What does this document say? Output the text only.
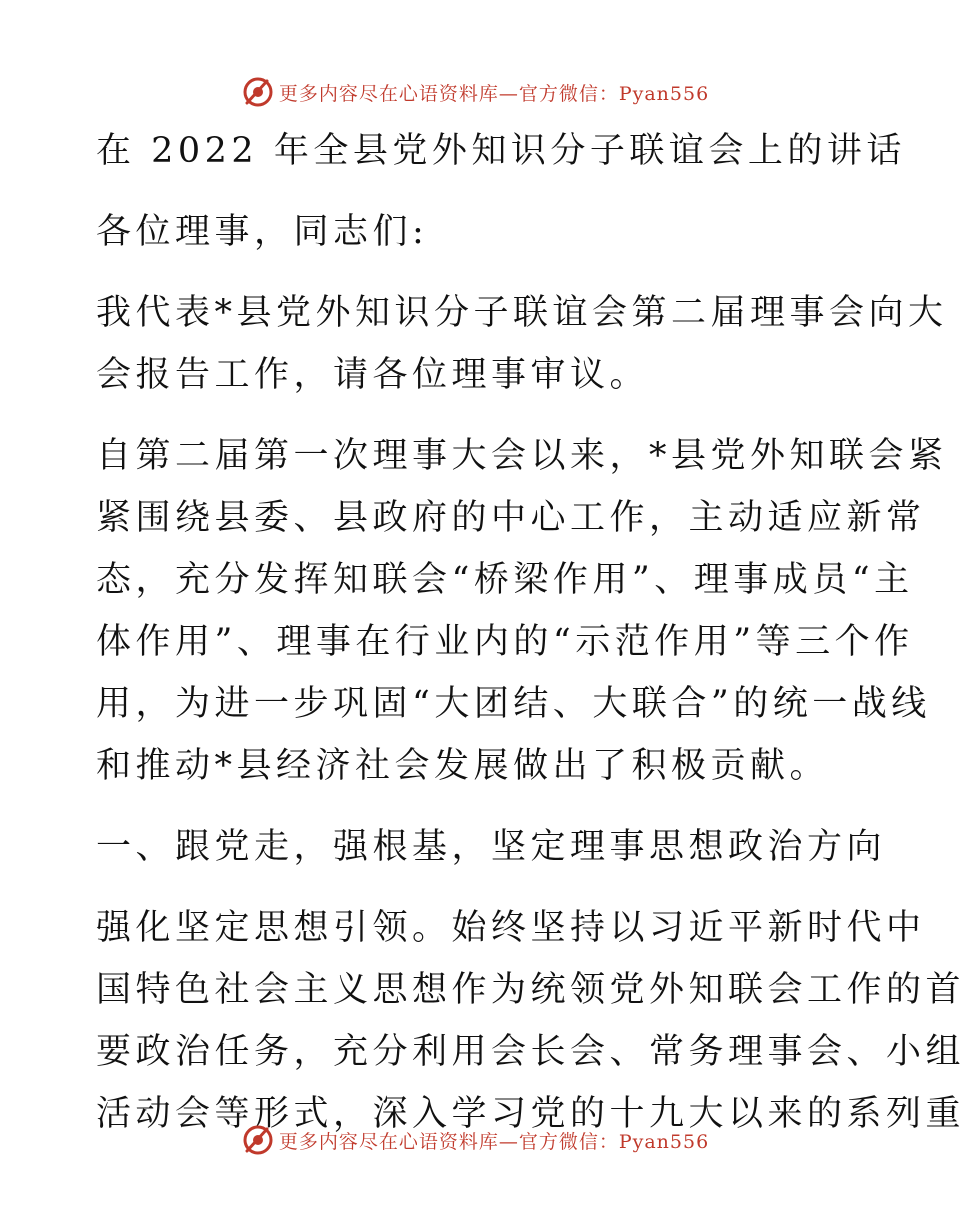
更多内容尽在心语资料库—官方微信：Pyan556
在 2022 年全县党外知识分子联谊会上的讲话
各位理事，同志们:
我代表*县党外知识分子联谊会第二届理事会向大
会报告工作，请各位理事审议。
自第二届第一次理事大会以来，*县党外知联会紧
紧围绕县委、县政府的中心工作，主动适应新常
态，充分发挥知联会“桥梁作用”、理事成员“主
体作用”、理事在行业内的“示范作用”等三个作
用，为进一步巩固“大团结、大联合”的统一战线
和推动*县经济社会发展做出了积极贡献。
一、跟党走，强根基，坚定理事思想政治方向
强化坚定思想引领。始终坚持以习近平新时代中
国特色社会主义思想作为统领党外知联会工作的首
要政治任务，充分利用会长会、常务理事会、小组
活动会等形式，深入学习党的十九大以来的系列重
更多内容尽在心语资料库—官方微信：Pyan556
